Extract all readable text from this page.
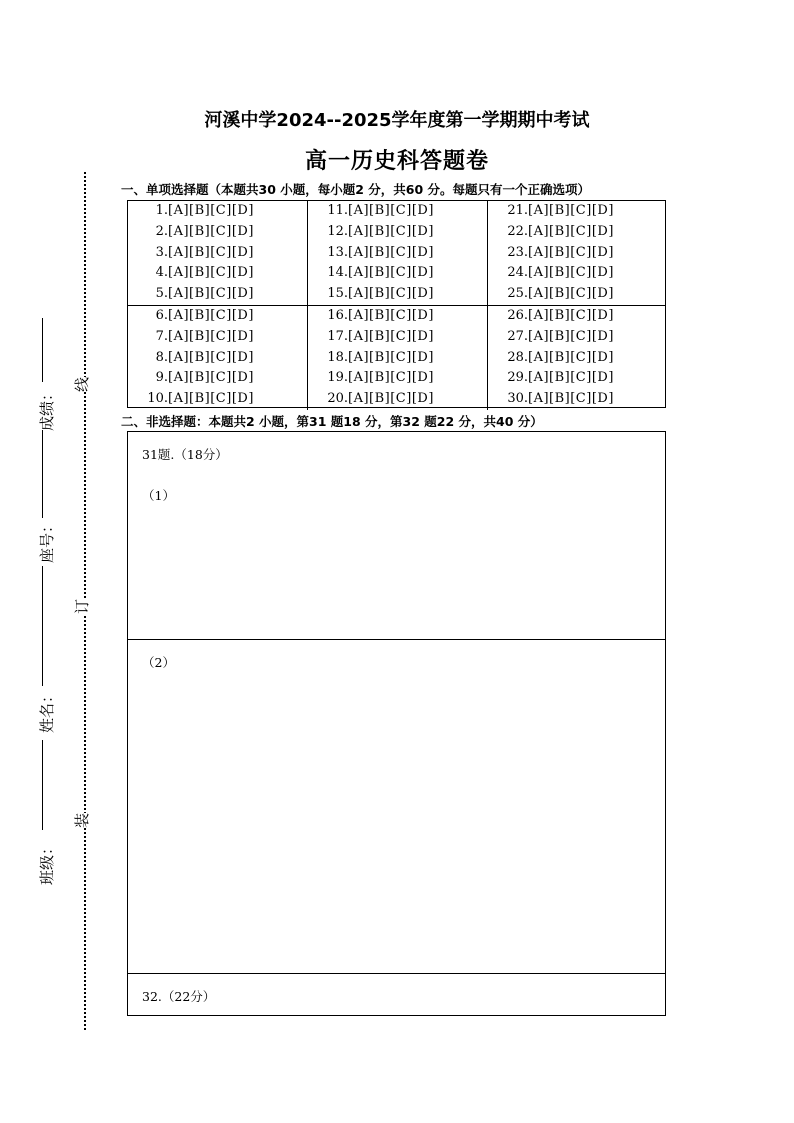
河溪中学2024--2025学年度第一学期期中考试
高一历史科答题卷
一、单项选择题（本题共30 小题，每小题2 分，共60 分。每题只有一个正确选项）
1.[A][B][C][D]
2.[A][B][C][D]
3.[A][B][C][D]
4.[A][B][C][D]
5.[A][B][C][D]
11.[A][B][C][D]
12.[A][B][C][D]
13.[A][B][C][D]
14.[A][B][C][D]
15.[A][B][C][D]
21.[A][B][C][D]
22.[A][B][C][D]
23.[A][B][C][D]
24.[A][B][C][D]
25.[A][B][C][D]
6.[A][B][C][D]
7.[A][B][C][D]
8.[A][B][C][D]
9.[A][B][C][D]
10.[A][B][C][D]
16.[A][B][C][D]
17.[A][B][C][D]
18.[A][B][C][D]
19.[A][B][C][D]
20.[A][B][C][D]
26.[A][B][C][D]
27.[A][B][C][D]
28.[A][B][C][D]
29.[A][B][C][D]
30.[A][B][C][D]
二、非选择题：本题共2 小题，第31 题18 分，第32 题22 分，共40 分）
31题.（18分）
（1）
（2）
32.（22分）
线
订
装
成绩：
座号：
姓名：
班级：
